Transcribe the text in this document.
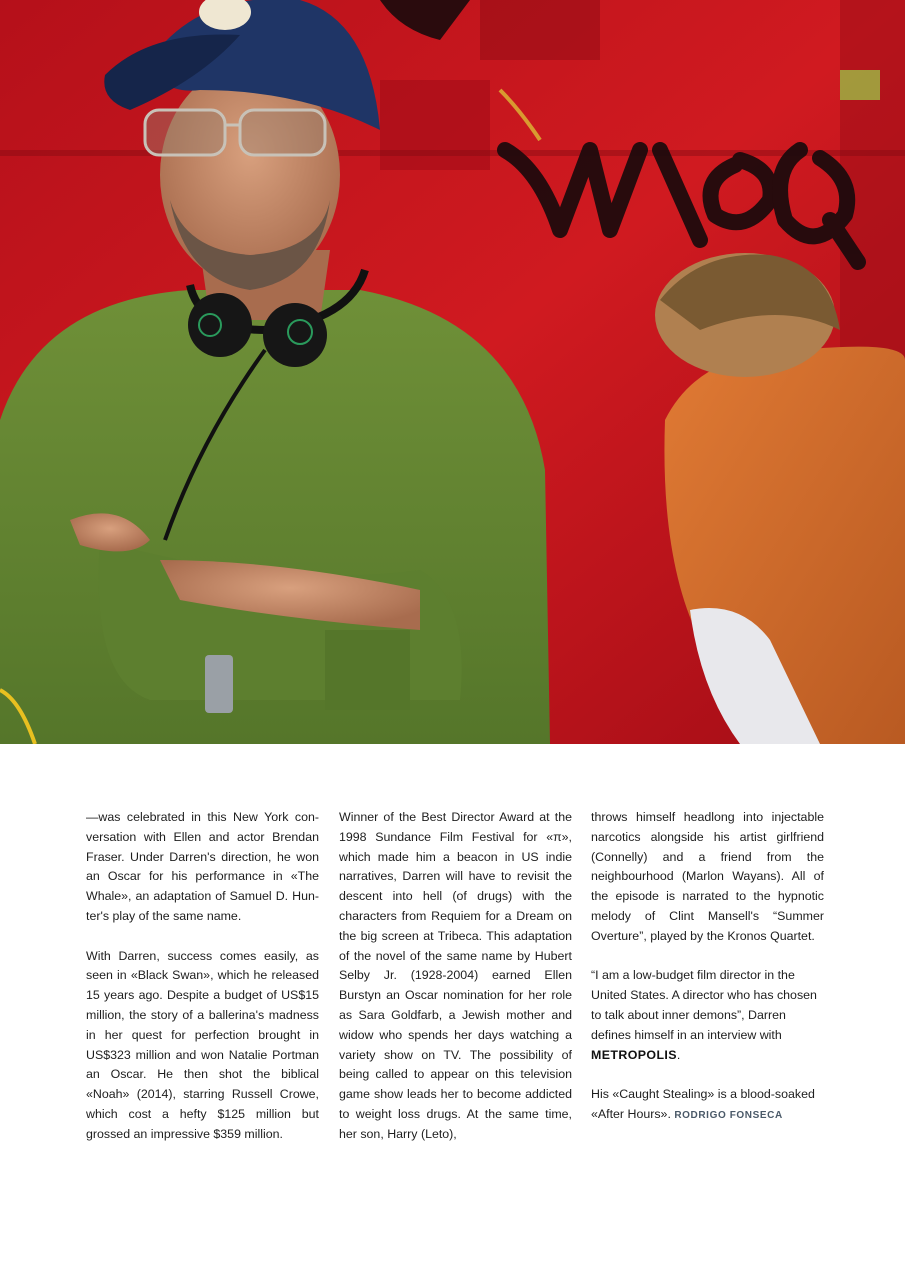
—was celebrated in this New York conversation with Ellen and actor Brendan Fraser. Under Darren's direction, he won an Oscar for his performance in «The Whale», an adaptation of Samuel D. Hunter's play of the same name.

With Darren, success comes easily, as seen in «Black Swan», which he released 15 years ago. Despite a budget of US$15 million, the story of a ballerina's madness in her quest for perfection brought in US$323 million and won Natalie Portman an Oscar. He then shot the biblical «Noah» (2014), starring Russell Crowe, which cost a hefty $125 million but grossed an impressive $359 million.

Winner of the Best Director Award at the 1998 Sundance Film Festival for «π», which made him a beacon in US indie narratives, Darren will have to revisit the descent into hell (of drugs) with the characters from Requiem for a Dream on the big screen at Tribeca. This adaptation of the novel of the same name by Hubert Selby Jr. (1928-2004) earned Ellen Burstyn an Oscar nomination for her role as Sara Goldfarb, a Jewish mother and widow who spends her days watching a variety show on TV. The possibility of being called to appear on this television game show leads her to become addicted to weight loss drugs. At the same time, her son, Harry (Leto),

throws himself headlong into injectable narcotics alongside his artist girlfriend (Connelly) and a friend from the neighbourhood (Marlon Wayans). All of the episode is narrated to the hypnotic melody of Clint Mansell's “Summer Overture”, played by the Kronos Quartet.

“I am a low-budget film director in the United States. A director who has chosen to talk about inner demons”, Darren defines himself in an interview with METROPOLIS.

His «Caught Stealing» is a blood-soaked «After Hours». RODRIGO FONSECA
